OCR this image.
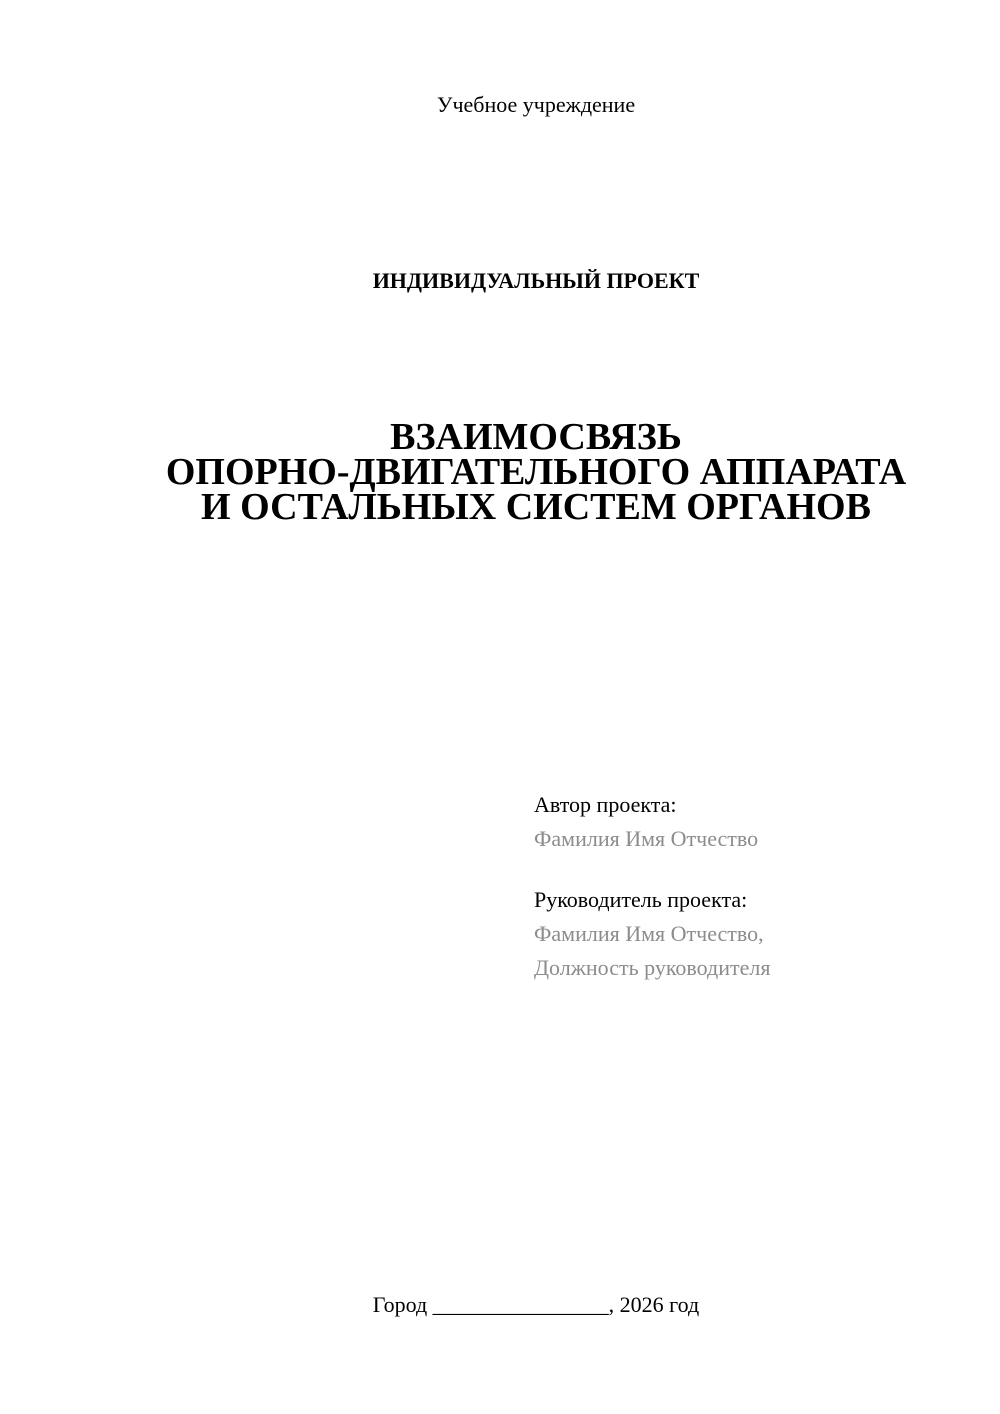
Учебное учреждение
ИНДИВИДУАЛЬНЫЙ ПРОЕКТ
ВЗАИМОСВЯЗЬ
ОПОРНО-ДВИГАТЕЛЬНОГО АППАРАТА
И ОСТАЛЬНЫХ СИСТЕМ ОРГАНОВ
Автор проекта:
Фамилия Имя Отчество
Руководитель проекта:
Фамилия Имя Отчество,
Должность руководителя
Город ________________, 2026 год
